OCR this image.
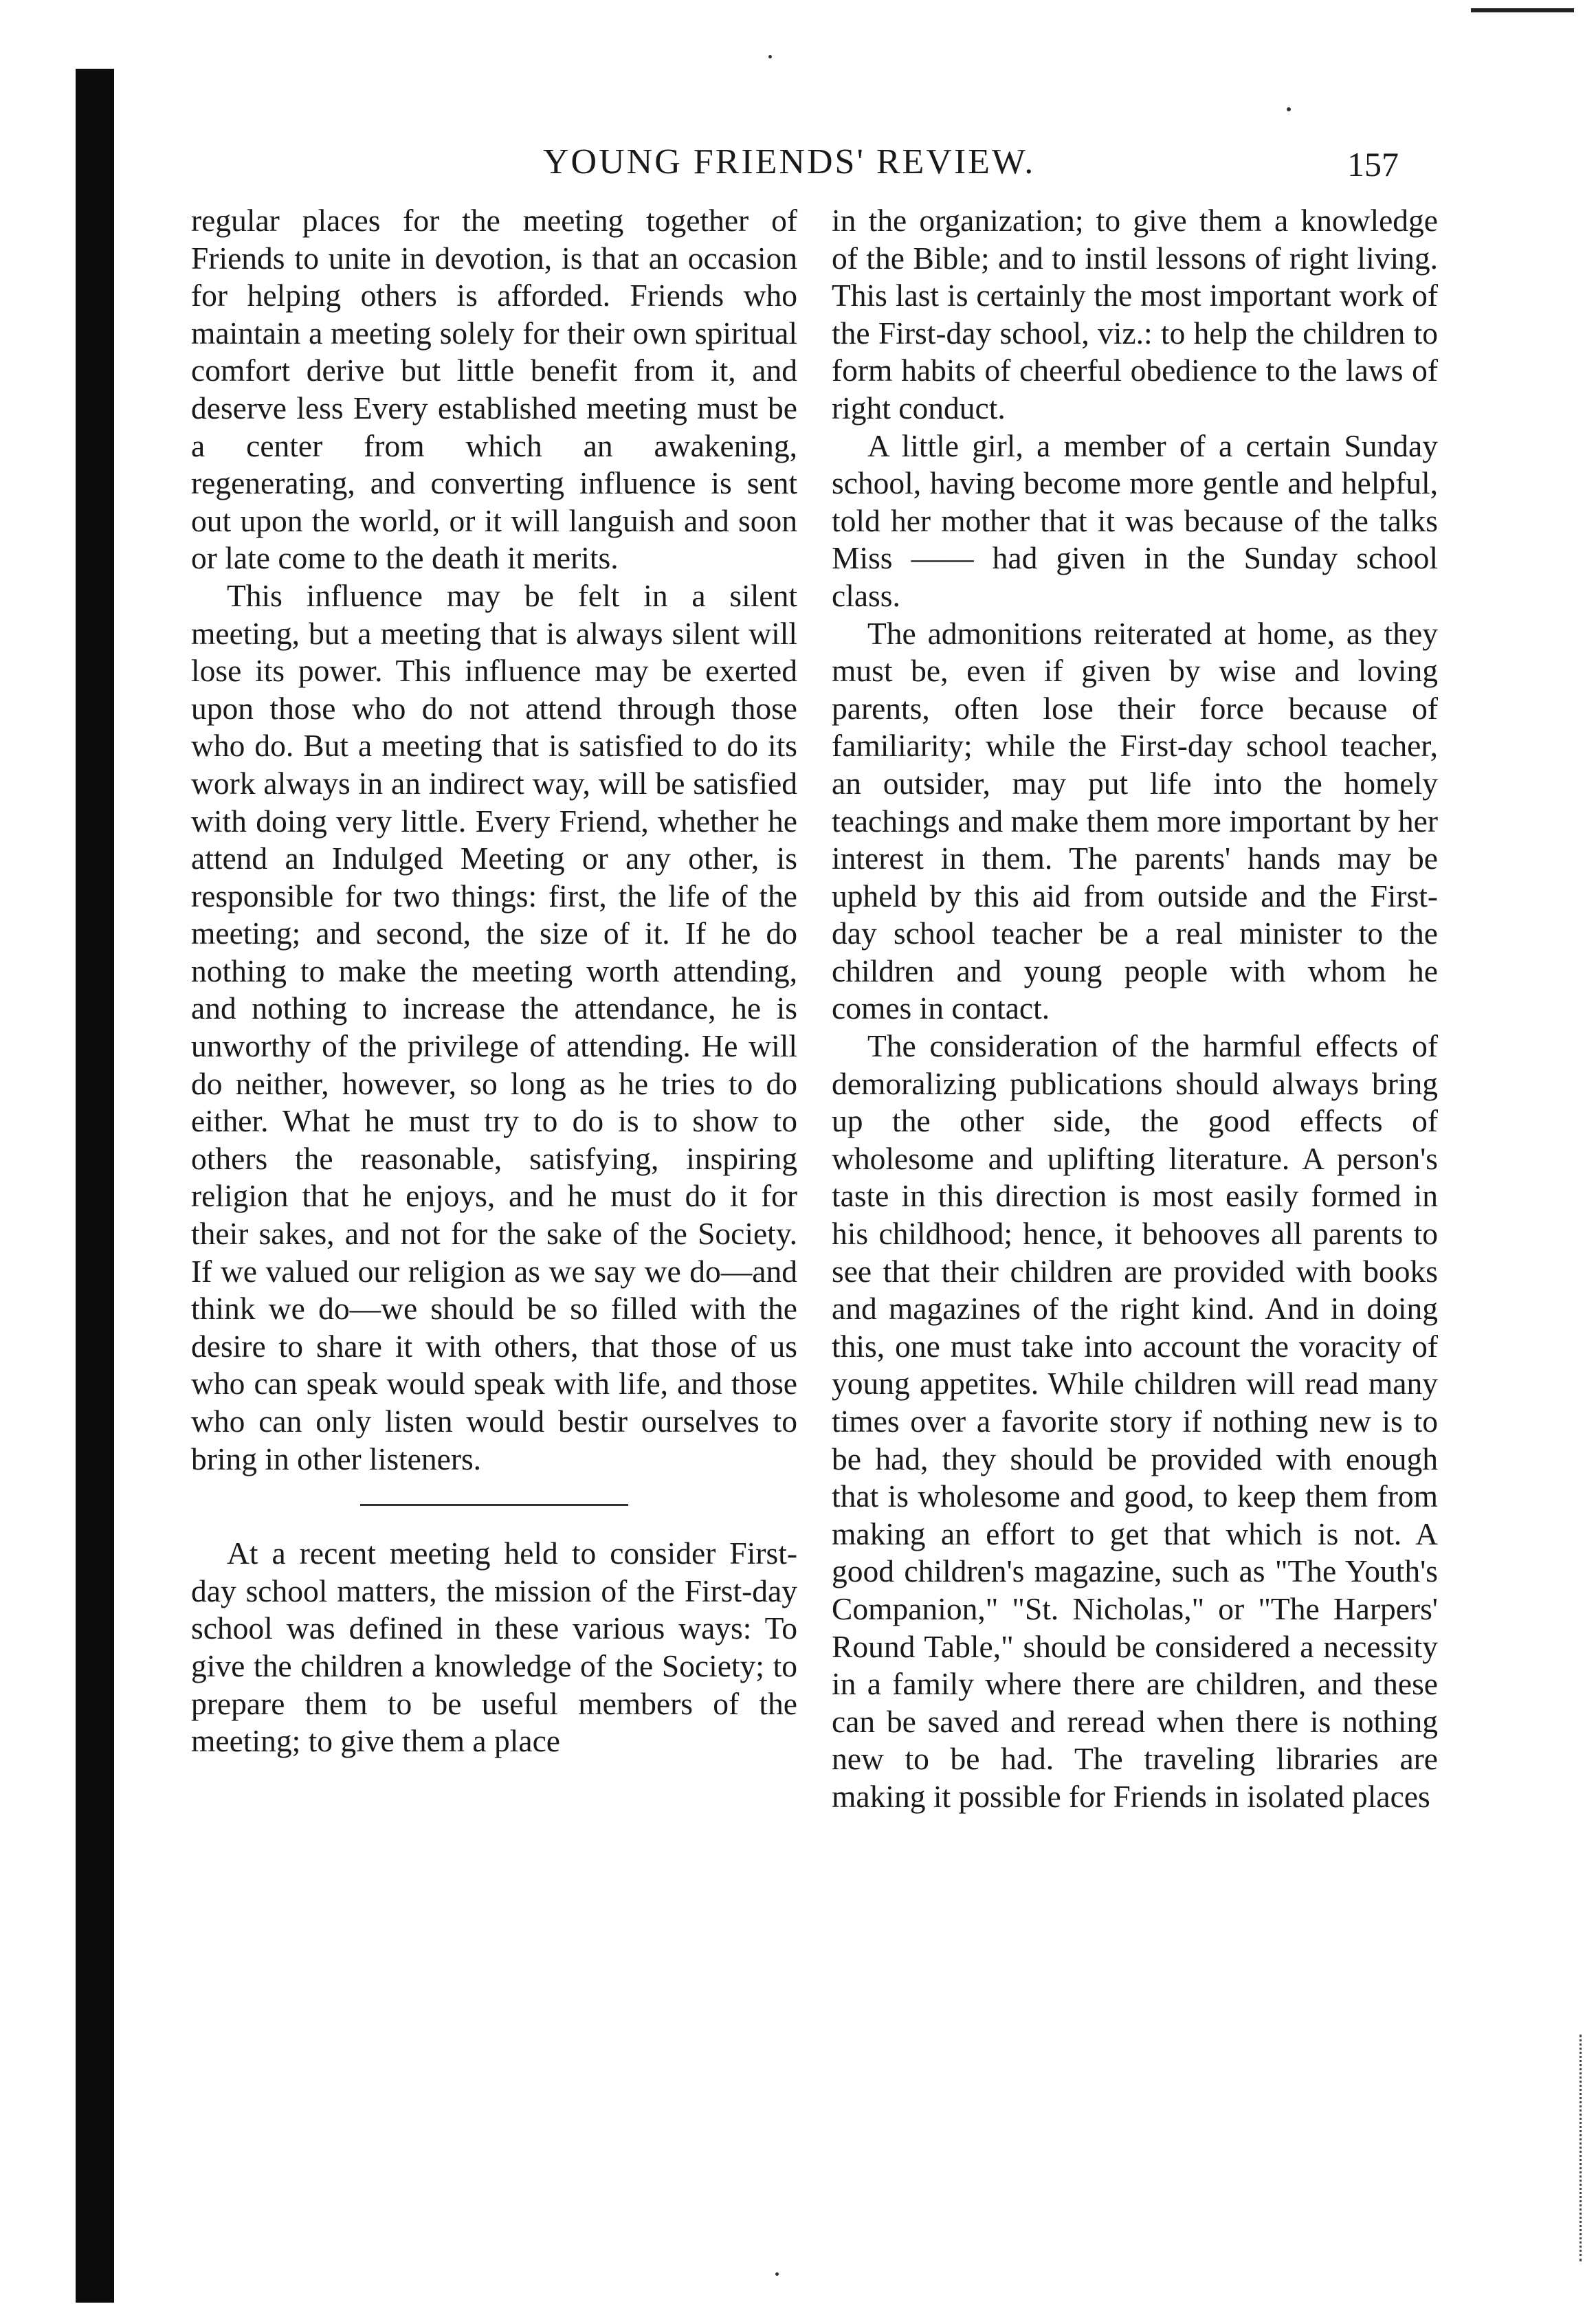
YOUNG FRIENDS' REVIEW.	157

regular places for the meeting together of Friends to unite in devotion, is that an occasion for helping others is afforded. Friends who maintain a meeting solely for their own spiritual comfort derive but little benefit from it, and deserve less Every established meeting must be a center from which an awakening, regenerating, and converting influence is sent out upon the world, or it will languish and soon or late come to the death it merits.

This influence may be felt in a silent meeting, but a meeting that is always silent will lose its power. This influence may be exerted upon those who do not attend through those who do. But a meeting that is satisfied to do its work always in an indirect way, will be satisfied with doing very little. Every Friend, whether he attend an Indulged Meeting or any other, is responsible for two things: first, the life of the meeting; and second, the size of it. If he do nothing to make the meeting worth attending, and nothing to increase the attendance, he is unworthy of the privilege of attending. He will do neither, however, so long as he tries to do either. What he must try to do is to show to others the reasonable, satisfying, inspiring religion that he enjoys, and he must do it for their sakes, and not for the sake of the Society. If we valued our religion as we say we do—and think we do—we should be so filled with the desire to share it with others, that those of us who can speak would speak with life, and those who can only listen would bestir ourselves to bring in other listeners.

At a recent meeting held to consider First-day school matters, the mission of the First-day school was defined in these various ways: To give the children a knowledge of the Society; to prepare them to be useful members of the meeting; to give them a place

in the organization; to give them a knowledge of the Bible; and to instil lessons of right living. This last is certainly the most important work of the First-day school, viz.: to help the children to form habits of cheerful obedience to the laws of right conduct.

A little girl, a member of a certain Sunday school, having become more gentle and helpful, told her mother that it was because of the talks Miss —— had given in the Sunday school class.

The admonitions reiterated at home, as they must be, even if given by wise and loving parents, often lose their force because of familiarity; while the First-day school teacher, an outsider, may put life into the homely teachings and make them more important by her interest in them. The parents' hands may be upheld by this aid from outside and the First-day school teacher be a real minister to the children and young people with whom he comes in contact.

The consideration of the harmful effects of demoralizing publications should always bring up the other side, the good effects of wholesome and uplifting literature. A person's taste in this direction is most easily formed in his childhood; hence, it behooves all parents to see that their children are provided with books and magazines of the right kind. And in doing this, one must take into account the voracity of young appetites. While children will read many times over a favorite story if nothing new is to be had, they should be provided with enough that is wholesome and good, to keep them from making an effort to get that which is not. A good children's magazine, such as "The Youth's Companion," "St. Nicholas," or "The Harpers' Round Table," should be considered a necessity in a family where there are children, and these can be saved and reread when there is nothing new to be had. The traveling libraries are making it possible for Friends in isolated places
